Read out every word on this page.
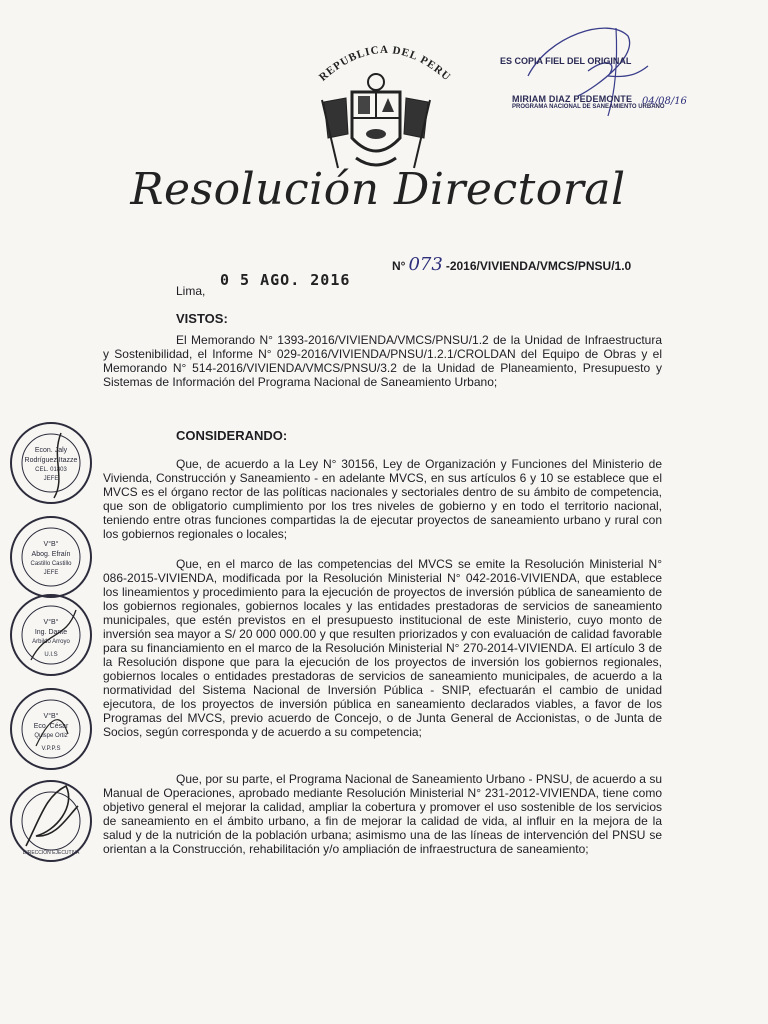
REPUBLICA DEL PERU
Resolución Directoral
ES COPIA FIEL DEL ORIGINAL
MIRIAM DIAZ PEDEMONTE
PROGRAMA NACIONAL DE SANEAMIENTO URBANO
04/08/16
N° 073 -2016/VIVIENDA/VMCS/PNSU/1.0
Lima,
0 5 AGO. 2016
VISTOS:
El Memorando N° 1393-2016/VIVIENDA/VMCS/PNSU/1.2 de la Unidad de Infraestructura y Sostenibilidad, el Informe N° 029-2016/VIVIENDA/PNSU/1.2.1/CROLDAN del Equipo de Obras y el Memorando N° 514-2016/VIVIENDA/VMCS/PNSU/3.2 de la Unidad de Planeamiento, Presupuesto y Sistemas de Información del Programa Nacional de Saneamiento Urbano;
CONSIDERANDO:
Que, de acuerdo a la Ley N° 30156, Ley de Organización y Funciones del Ministerio de Vivienda, Construcción y Saneamiento - en adelante MVCS, en sus artículos 6 y 10 se establece que el MVCS es el órgano rector de las políticas nacionales y sectoriales dentro de su ámbito de competencia, que son de obligatorio cumplimiento por los tres niveles de gobierno y en todo el territorio nacional, teniendo entre otras funciones compartidas la de ejecutar proyectos de saneamiento urbano y rural con los gobiernos regionales o locales;
Que, en el marco de las competencias del MVCS se emite la Resolución Ministerial N° 086-2015-VIVIENDA, modificada por la Resolución Ministerial N° 042-2016-VIVIENDA, que establece los lineamientos y procedimiento para la ejecución de proyectos de inversión pública de saneamiento de los gobiernos regionales, gobiernos locales y las entidades prestadoras de servicios de saneamiento municipales, que estén previstos en el presupuesto institucional de este Ministerio, cuyo monto de inversión sea mayor a S/ 20 000 000.00 y que resulten priorizados y con evaluación de calidad favorable para su financiamiento en el marco de la Resolución Ministerial N° 270-2014-VIVIENDA. El artículo 3 de la Resolución dispone que para la ejecución de los proyectos de inversión los gobiernos regionales, gobiernos locales o entidades prestadoras de servicios de saneamiento municipales, de acuerdo a la normatividad del Sistema Nacional de Inversión Pública - SNIP, efectuarán el cambio de unidad ejecutora, de los proyectos de inversión pública en saneamiento declarados viables, a favor de los Programas del MVCS, previo acuerdo de Concejo, o de Junta General de Accionistas, o de Junta de Socios, según corresponda y de acuerdo a su competencia;
Que, por su parte, el Programa Nacional de Saneamiento Urbano - PNSU, de acuerdo a su Manual de Operaciones, aprobado mediante Resolución Ministerial N° 231-2012-VIVIENDA, tiene como objetivo general el mejorar la calidad, ampliar la cobertura y promover el uso sostenible de los servicios de saneamiento en el ámbito urbano, a fin de mejorar la calidad de vida, al influir en la mejora de la salud y de la nutrición de la población urbana; asimismo una de las líneas de intervención del PNSU se orientan a la Construcción, rehabilitación y/o ampliación de infraestructura de saneamiento;
Econ. Jaly
Rodríguez Itazze
CEL. 01803
JEFE
V°B°
Abog. Efraín
Castillo Castillo
JEFE
V°B°
Ing. Dante
Arbildo Arroyo
U.I.S
V°B°
Eco. César
Quispe Ortiz
V.P.P.S
DIRECCIÓN EJECUTIVA
